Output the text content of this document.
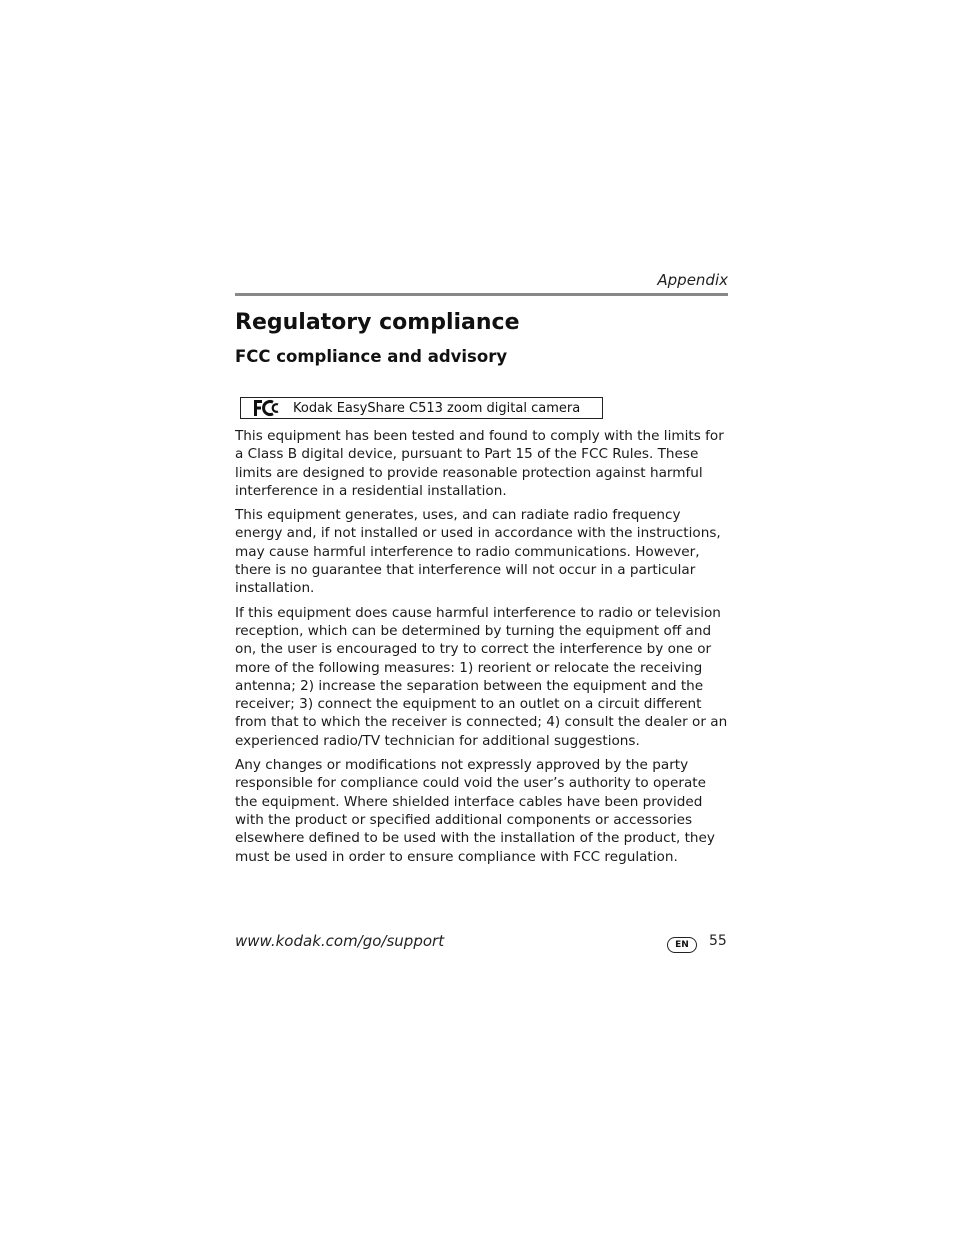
Appendix
Regulatory compliance
FCC compliance and advisory
Kodak EasyShare C513 zoom digital camera

This equipment has been tested and found to comply with the limits for a Class B digital device, pursuant to Part 15 of the FCC Rules. These limits are designed to provide reasonable protection against harmful interference in a residential installation.

This equipment generates, uses, and can radiate radio frequency energy and, if not installed or used in accordance with the instructions, may cause harmful interference to radio communications. However, there is no guarantee that interference will not occur in a particular installation.

If this equipment does cause harmful interference to radio or television reception, which can be determined by turning the equipment off and on, the user is encouraged to try to correct the interference by one or more of the following measures: 1) reorient or relocate the receiving antenna; 2) increase the separation between the equipment and the receiver; 3) connect the equipment to an outlet on a circuit different from that to which the receiver is connected; 4) consult the dealer or an experienced radio/TV technician for additional suggestions.

Any changes or modifications not expressly approved by the party responsible for compliance could void the user’s authority to operate the equipment. Where shielded interface cables have been provided with the product or specified additional components or accessories elsewhere defined to be used with the installation of the product, they must be used in order to ensure compliance with FCC regulation.

www.kodak.com/go/support	EN	55
